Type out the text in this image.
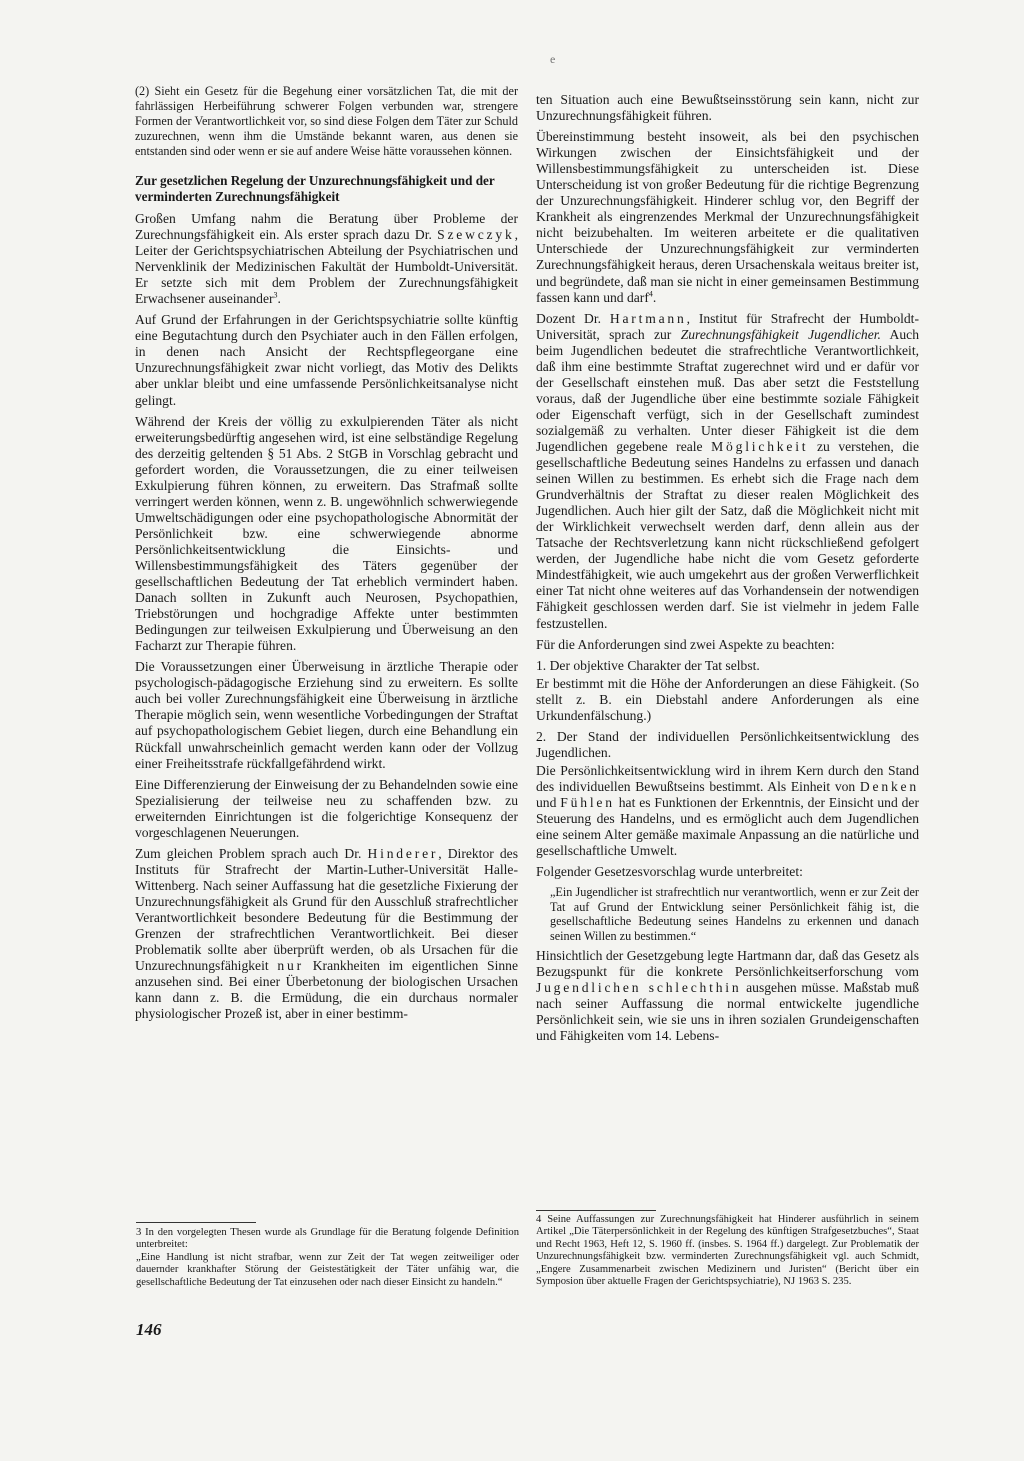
e

(2) Sieht ein Gesetz für die Begehung einer vorsätzlichen Tat, die mit der fahrlässigen Herbeiführung schwerer Folgen verbunden war, strengere Formen der Verantwortlichkeit vor, so sind diese Folgen dem Täter zur Schuld zuzurechnen, wenn ihm die Umstände bekannt waren, aus denen sie entstanden sind oder wenn er sie auf andere Weise hätte voraussehen können.

Zur gesetzlichen Regelung der Unzurechnungsfähigkeit und der verminderten Zurechnungsfähigkeit

Großen Umfang nahm die Beratung über Probleme der Zurechnungsfähigkeit ein. Als erster sprach dazu Dr. Szewczyk, Leiter der Gerichtspsychiatrischen Abteilung der Psychiatrischen und Nervenklinik der Medizinischen Fakultät der Humboldt-Universität. Er setzte sich mit dem Problem der Zurechnungsfähigkeit Erwachsener auseinander$^3$.

Auf Grund der Erfahrungen in der Gerichtspsychiatrie sollte künftig eine Begutachtung durch den Psychiater auch in den Fällen erfolgen, in denen nach Ansicht der Rechtspflegeorgane eine Unzurechnungsfähigkeit zwar nicht vorliegt, das Motiv des Delikts aber unklar bleibt und eine umfassende Persönlichkeitsanalyse nicht gelingt.

Während der Kreis der völlig zu exkulpierenden Täter als nicht erweiterungsbedürftig angesehen wird, ist eine selbständige Regelung des derzeitig geltenden § 51 Abs. 2 StGB in Vorschlag gebracht und gefordert worden, die Voraussetzungen, die zu einer teilweisen Exkulpierung führen können, zu erweitern. Das Strafmaß sollte verringert werden können, wenn z. B. ungewöhnlich schwerwiegende Umweltschädigungen oder eine psychopathologische Abnormität der Persönlichkeit bzw. eine schwerwiegende abnorme Persönlichkeitsentwicklung die Einsichts- und Willensbestimmungsfähigkeit des Täters gegenüber der gesellschaftlichen Bedeutung der Tat erheblich vermindert haben. Danach sollten in Zukunft auch Neurosen, Psychopathien, Triebstörungen und hochgradige Affekte unter bestimmten Bedingungen zur teilweisen Exkulpierung und Überweisung an den Facharzt zur Therapie führen.

Die Voraussetzungen einer Überweisung in ärztliche Therapie oder psychologisch-pädagogische Erziehung sind zu erweitern. Es sollte auch bei voller Zurechnungsfähigkeit eine Überweisung in ärztliche Therapie möglich sein, wenn wesentliche Vorbedingungen der Straftat auf psychopathologischem Gebiet liegen, durch eine Behandlung ein Rückfall unwahrscheinlich gemacht werden kann oder der Vollzug einer Freiheitsstrafe rückfallgefährdend wirkt.

Eine Differenzierung der Einweisung der zu Behandelnden sowie eine Spezialisierung der teilweise neu zu schaffenden bzw. zu erweiternden Einrichtungen ist die folgerichtige Konsequenz der vorgeschlagenen Neuerungen.

Zum gleichen Problem sprach auch Dr. Hinderer, Direktor des Instituts für Strafrecht der Martin-Luther-Universität Halle-Wittenberg. Nach seiner Auffassung hat die gesetzliche Fixierung der Unzurechnungsfähigkeit als Grund für den Ausschluß strafrechtlicher Verantwortlichkeit besondere Bedeutung für die Bestimmung der Grenzen der strafrechtlichen Verantwortlichkeit. Bei dieser Problematik sollte aber überprüft werden, ob als Ursachen für die Unzurechnungsfähigkeit nur Krankheiten im eigentlichen Sinne anzusehen sind. Bei einer Überbetonung der biologischen Ursachen kann dann z. B. die Ermüdung, die ein durchaus normaler physiologischer Prozeß ist, aber in einer bestimm-

3 In den vorgelegten Thesen wurde als Grundlage für die Beratung folgende Definition unterbreitet:

„Eine Handlung ist nicht strafbar, wenn zur Zeit der Tat wegen zeitweiliger oder dauernder krankhafter Störung der Geistestätigkeit der Täter unfähig war, die gesellschaftliche Bedeutung der Tat einzusehen oder nach dieser Einsicht zu handeln.“

146

ten Situation auch eine Bewußtseinsstörung sein kann, nicht zur Unzurechnungsfähigkeit führen.

Übereinstimmung besteht insoweit, als bei den psychischen Wirkungen zwischen der Einsichtsfähigkeit und der Willensbestimmungsfähigkeit zu unterscheiden ist. Diese Unterscheidung ist von großer Bedeutung für die richtige Begrenzung der Unzurechnungsfähigkeit. Hinderer schlug vor, den Begriff der Krankheit als eingrenzendes Merkmal der Unzurechnungsfähigkeit nicht beizubehalten. Im weiteren arbeitete er die qualitativen Unterschiede der Unzurechnungsfähigkeit zur verminderten Zurechnungsfähigkeit heraus, deren Ursachenskala weitaus breiter ist, und begründete, daß man sie nicht in einer gemeinsamen Bestimmung fassen kann und darf$^4$.

Dozent Dr. Hartmann, Institut für Strafrecht der Humboldt-Universität, sprach zur Zurechnungsfähigkeit Jugendlicher. Auch beim Jugendlichen bedeutet die strafrechtliche Verantwortlichkeit, daß ihm eine bestimmte Straftat zugerechnet wird und er dafür vor der Gesellschaft einstehen muß. Das aber setzt die Feststellung voraus, daß der Jugendliche über eine bestimmte soziale Fähigkeit oder Eigenschaft verfügt, sich in der Gesellschaft zumindest sozialgemäß zu verhalten. Unter dieser Fähigkeit ist die dem Jugendlichen gegebene reale Möglichkeit zu verstehen, die gesellschaftliche Bedeutung seines Handelns zu erfassen und danach seinen Willen zu bestimmen. Es erhebt sich die Frage nach dem Grundverhältnis der Straftat zu dieser realen Möglichkeit des Jugendlichen. Auch hier gilt der Satz, daß die Möglichkeit nicht mit der Wirklichkeit verwechselt werden darf, denn allein aus der Tatsache der Rechtsverletzung kann nicht rückschließend gefolgert werden, der Jugendliche habe nicht die vom Gesetz geforderte Mindestfähigkeit, wie auch umgekehrt aus der großen Verwerflichkeit einer Tat nicht ohne weiteres auf das Vorhandensein der notwendigen Fähigkeit geschlossen werden darf. Sie ist vielmehr in jedem Falle festzustellen.

Für die Anforderungen sind zwei Aspekte zu beachten:

1. Der objektive Charakter der Tat selbst.

Er bestimmt mit die Höhe der Anforderungen an diese Fähigkeit. (So stellt z. B. ein Diebstahl andere Anforderungen als eine Urkundenfälschung.)

2. Der Stand der individuellen Persönlichkeitsentwicklung des Jugendlichen.

Die Persönlichkeitsentwicklung wird in ihrem Kern durch den Stand des individuellen Bewußtseins bestimmt. Als Einheit von Denken und Fühlen hat es Funktionen der Erkenntnis, der Einsicht und der Steuerung des Handelns, und es ermöglicht auch dem Jugendlichen eine seinem Alter gemäße maximale Anpassung an die natürliche und gesellschaftliche Umwelt.

Folgender Gesetzesvorschlag wurde unterbreitet:

„Ein Jugendlicher ist strafrechtlich nur verantwortlich, wenn er zur Zeit der Tat auf Grund der Entwicklung seiner Persönlichkeit fähig ist, die gesellschaftliche Bedeutung seines Handelns zu erkennen und danach seinen Willen zu bestimmen.“

Hinsichtlich der Gesetzgebung legte Hartmann dar, daß das Gesetz als Bezugspunkt für die konkrete Persönlichkeitserforschung vom Jugendlichen schlechthin ausgehen müsse. Maßstab muß nach seiner Auffassung die normal entwickelte jugendliche Persönlichkeit sein, wie sie uns in ihren sozialen Grundeigenschaften und Fähigkeiten vom 14. Lebens-

4 Seine Auffassungen zur Zurechnungsfähigkeit hat Hinderer ausführlich in seinem Artikel „Die Täterpersönlichkeit in der Regelung des künftigen Strafgesetzbuches“, Staat und Recht 1963, Heft 12, S. 1960 ff. (insbes. S. 1964 ff.) dargelegt. Zur Problematik der Unzurechnungsfähigkeit bzw. verminderten Zurechnungsfähigkeit vgl. auch Schmidt, „Engere Zusammenarbeit zwischen Medizinern und Juristen“ (Bericht über ein Symposion über aktuelle Fragen der Gerichtspsychiatrie), NJ 1963 S. 235.
